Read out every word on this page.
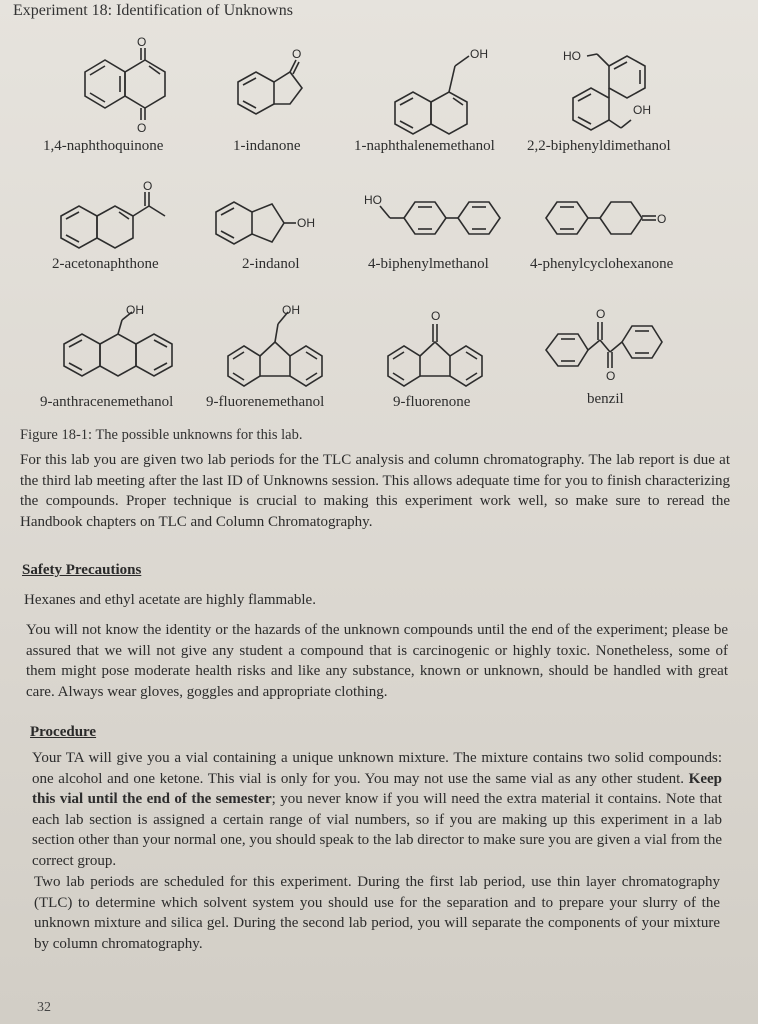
Experiment 18: Identification of Unknowns
O
O
1,4-naphthoquinone
O
1-indanone
OH
1-naphthalenemethanol
HO
OH
2,2-biphenyldimethanol
O
2-acetonaphthone
OH
2-indanol
HO
4-biphenylmethanol
O
4-phenylcyclohexanone
OH
9-anthracenemethanol
OH
9-fluorenemethanol
O
9-fluorenone
O
O
benzil
Figure 18-1: The possible unknowns for this lab.
For this lab you are given two lab periods for the TLC analysis and column chromatography. The lab report is due at the third lab meeting after the last ID of Unknowns session. This allows adequate time for you to finish characterizing the compounds. Proper technique is crucial to making this experiment work well, so make sure to reread the Handbook chapters on TLC and Column Chromatography.
Safety Precautions
Hexanes and ethyl acetate are highly flammable.
You will not know the identity or the hazards of the unknown compounds until the end of the experiment; please be assured that we will not give any student a compound that is carcinogenic or highly toxic. Nonetheless, some of them might pose moderate health risks and like any substance, known or unknown, should be handled with great care. Always wear gloves, goggles and appropriate clothing.
Procedure
Your TA will give you a vial containing a unique unknown mixture. The mixture contains two solid compounds: one alcohol and one ketone. This vial is only for you. You may not use the same vial as any other student. Keep this vial until the end of the semester; you never know if you will need the extra material it contains. Note that each lab section is assigned a certain range of vial numbers, so if you are making up this experiment in a lab section other than your normal one, you should speak to the lab director to make sure you are given a vial from the correct group.
Two lab periods are scheduled for this experiment. During the first lab period, use thin layer chromatography (TLC) to determine which solvent system you should use for the separation and to prepare your slurry of the unknown mixture and silica gel. During the second lab period, you will separate the components of your mixture by column chromatography.
32
